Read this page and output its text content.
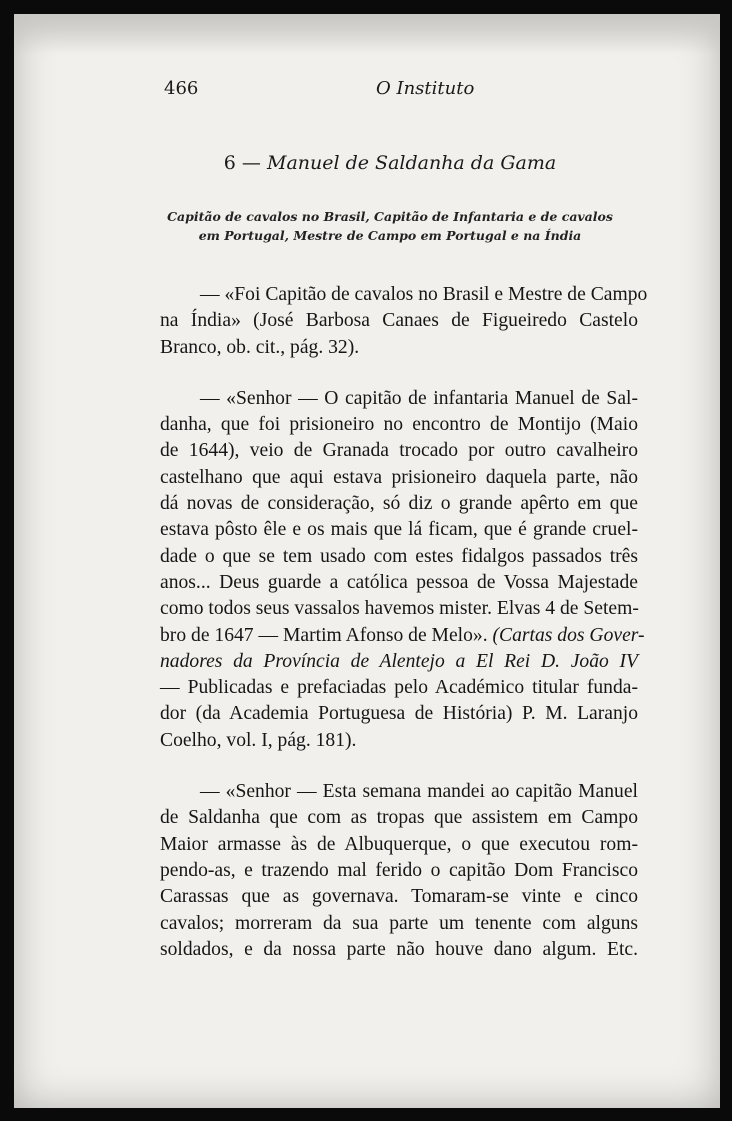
466	O Instituto
6 — Manuel de Saldanha da Gama
Capitão de cavalos no Brasil, Capitão de Infantaria e de cavalos
em Portugal, Mestre de Campo em Portugal e na Índia
— «Foi Capitão de cavalos no Brasil e Mestre de Campo
na Índia» (José Barbosa Canaes de Figueiredo Castelo
Branco, ob. cit., pág. 32).
— «Senhor — O capitão de infantaria Manuel de Sal-
danha, que foi prisioneiro no encontro de Montijo (Maio
de 1644), veio de Granada trocado por outro cavalheiro
castelhano que aqui estava prisioneiro daquela parte, não
dá novas de consideração, só diz o grande apêrto em que
estava pôsto êle e os mais que lá ficam, que é grande cruel-
dade o que se tem usado com estes fidalgos passados três
anos... Deus guarde a católica pessoa de Vossa Majestade
como todos seus vassalos havemos mister. Elvas 4 de Setem-
bro de 1647 — Martim Afonso de Melo». (Cartas dos Gover-
nadores da Província de Alentejo a El Rei D. João IV
— Publicadas e prefaciadas pelo Académico titular funda-
dor (da Academia Portuguesa de História) P. M. Laranjo
Coelho, vol. I, pág. 181).
— «Senhor — Esta semana mandei ao capitão Manuel
de Saldanha que com as tropas que assistem em Campo
Maior armasse às de Albuquerque, o que executou rom-
pendo-as, e trazendo mal ferido o capitão Dom Francisco
Carassas que as governava. Tomaram-se vinte e cinco
cavalos; morreram da sua parte um tenente com alguns
soldados, e da nossa parte não houve dano algum. Etc.
